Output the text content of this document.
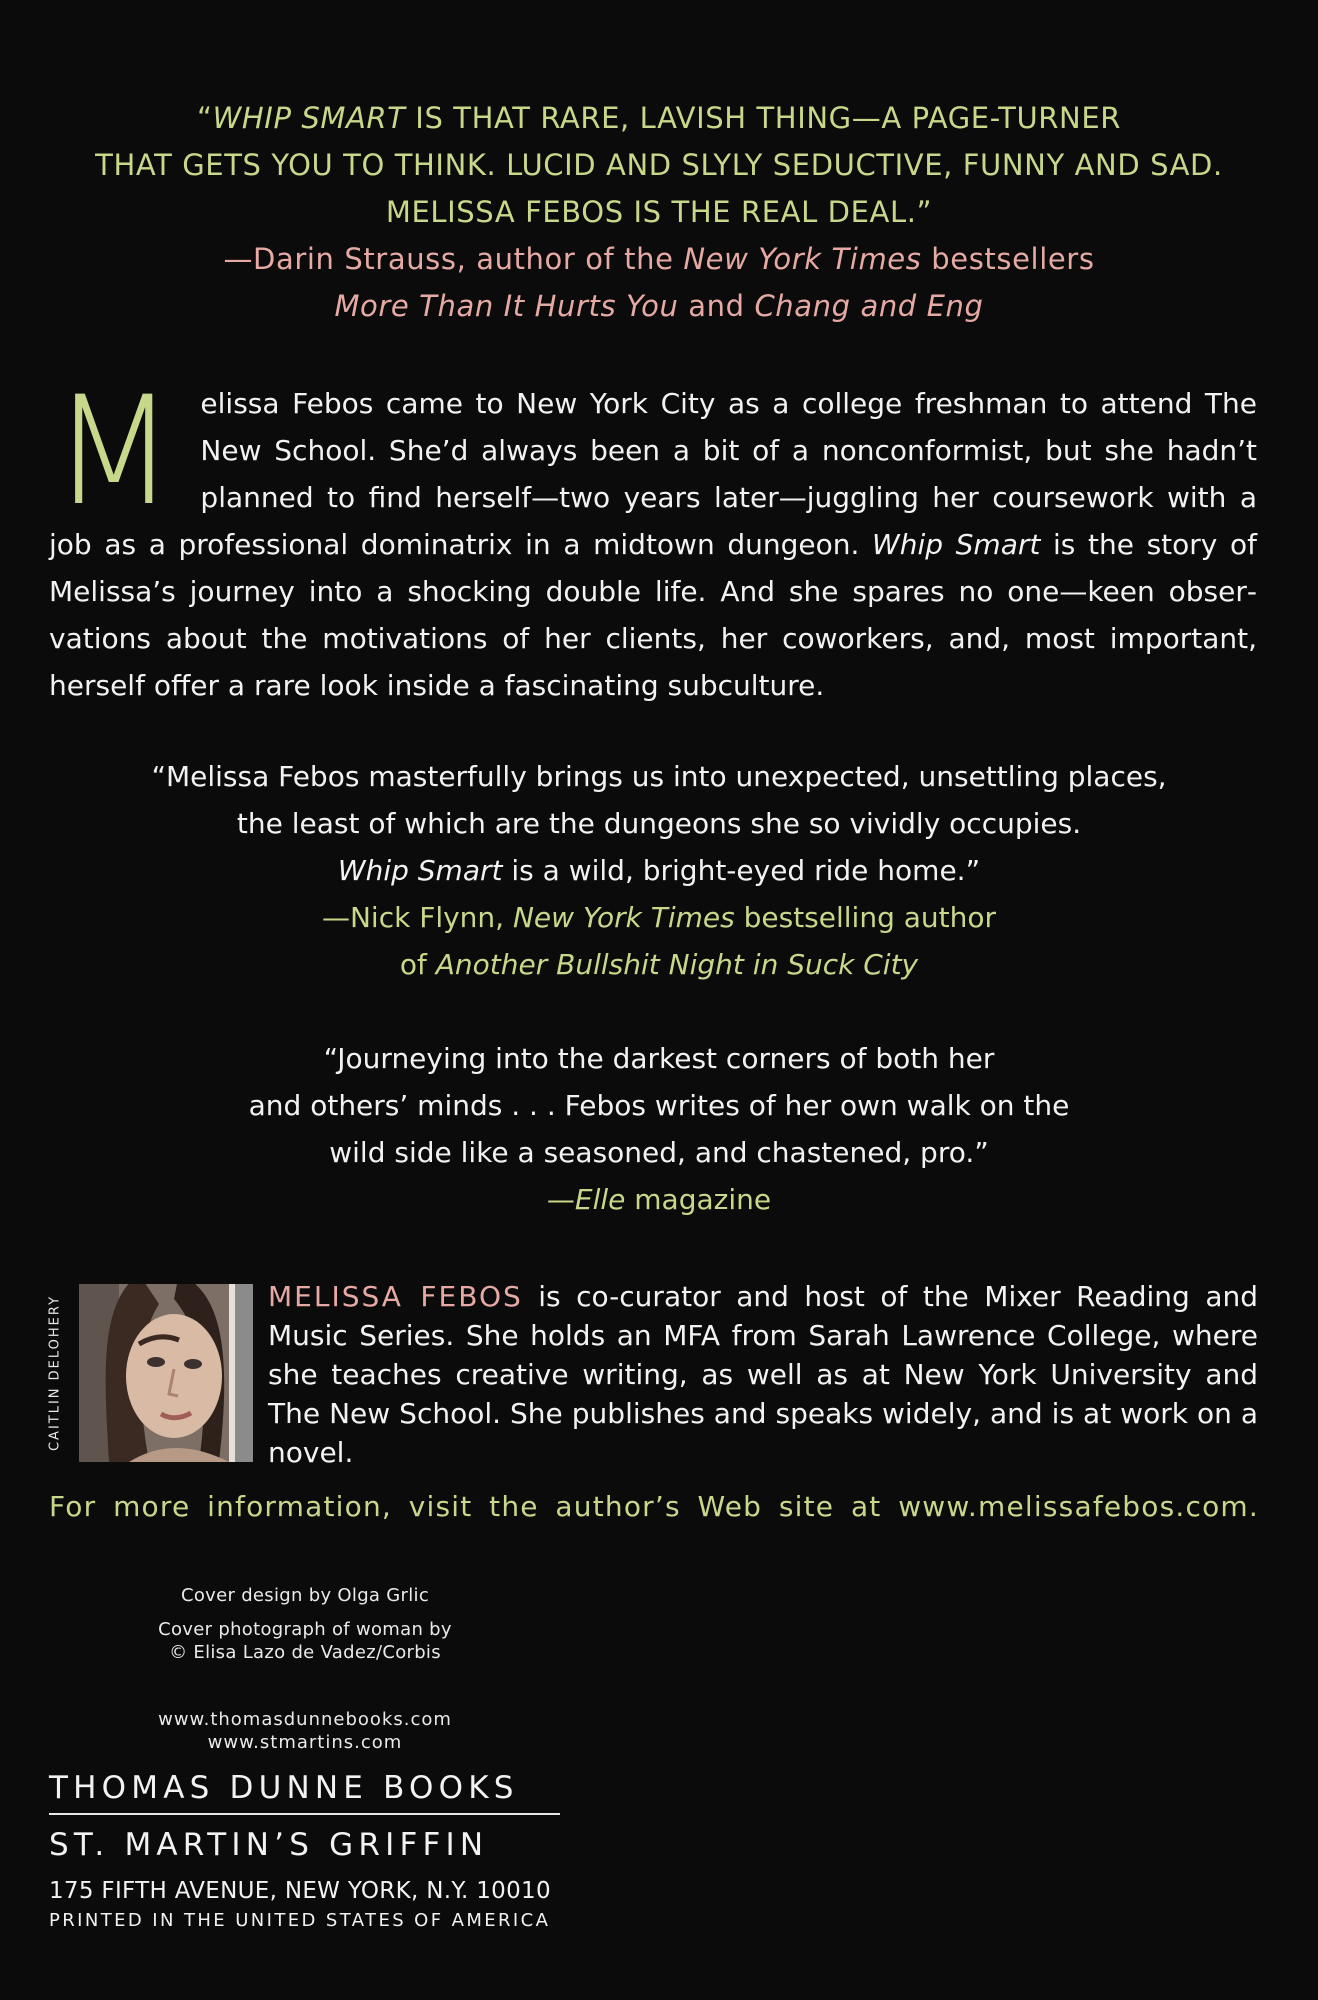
“WHIP SMART IS THAT RARE, LAVISH THING—A PAGE-TURNER
THAT GETS YOU TO THINK. LUCID AND SLYLY SEDUCTIVE, FUNNY AND SAD.
MELISSA FEBOS IS THE REAL DEAL.”
—Darin Strauss, author of the New York Times bestsellers
More Than It Hurts You and Chang and Eng
Melissa Febos came to New York City as a college freshman to attend The New School. She’d always been a bit of a nonconformist, but she hadn’t planned to find herself—two years later—juggling her coursework with a job as a professional dominatrix in a midtown dungeon. Whip Smart is the story of Melissa’s journey into a shocking double life. And she spares no one—keen observations about the motivations of her clients, her coworkers, and, most important, herself offer a rare look inside a fascinating subculture.
“Melissa Febos masterfully brings us into unexpected, unsettling places,
the least of which are the dungeons she so vividly occupies.
Whip Smart is a wild, bright-eyed ride home.”
—Nick Flynn, New York Times bestselling author
of Another Bullshit Night in Suck City
“Journeying into the darkest corners of both her
and others’ minds . . . Febos writes of her own walk on the
wild side like a seasoned, and chastened, pro.”
—Elle magazine
CAITLIN DELOHERY	MELISSA FEBOS is co-curator and host of the Mixer Reading and Music Series. She holds an MFA from Sarah Lawrence College, where she teaches creative writing, as well as at New York University and The New School. She publishes and speaks widely, and is at work on a novel.
For more information, visit the author’s Web site at www.melissafebos.com.
Cover design by Olga Grlic
Cover photograph of woman by
© Elisa Lazo de Vadez/Corbis
www.thomasdunnebooks.com
www.stmartins.com
THOMAS DUNNE BOOKS
ST. MARTIN’S GRIFFIN
175 FIFTH AVENUE, NEW YORK, N.Y. 10010
PRINTED IN THE UNITED STATES OF AMERICA
